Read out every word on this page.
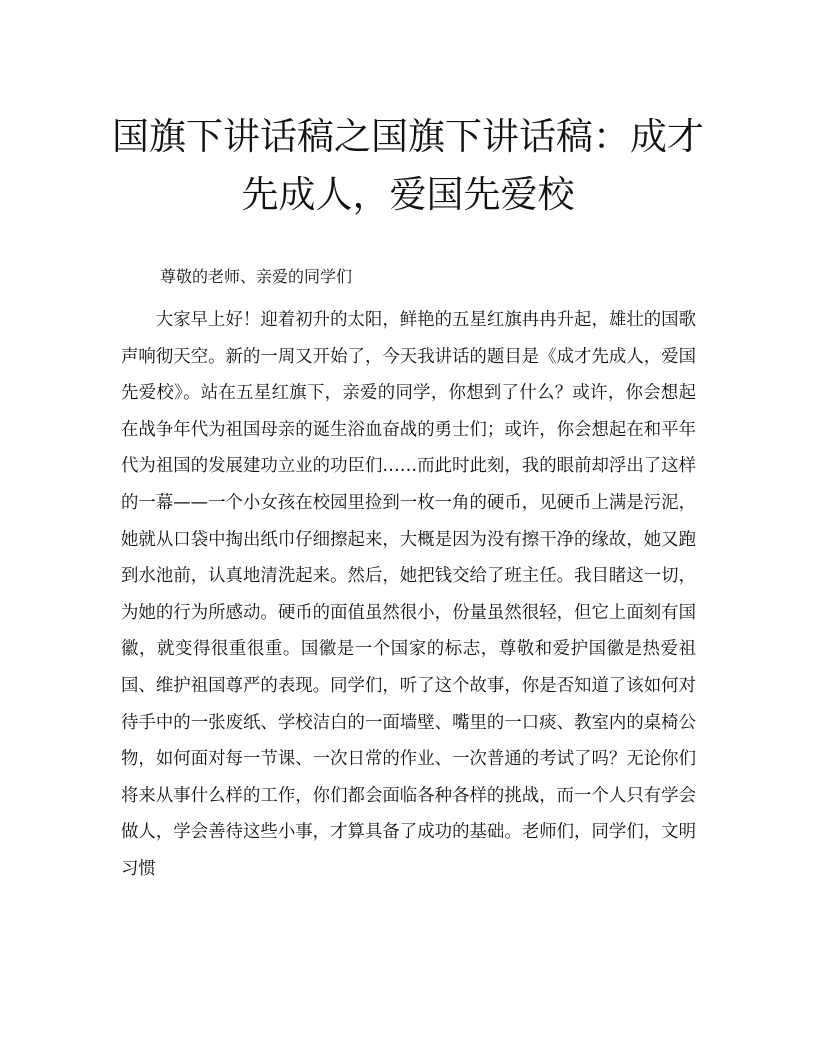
国旗下讲话稿之国旗下讲话稿：成才先成人，爱国先爱校

尊敬的老师、亲爱的同学们

大家早上好！迎着初升的太阳，鲜艳的五星红旗冉冉升起，雄壮的国歌声响彻天空。新的一周又开始了，今天我讲话的题目是《成才先成人，爱国先爱校》。站在五星红旗下，亲爱的同学，你想到了什么？或许，你会想起在战争年代为祖国母亲的诞生浴血奋战的勇士们；或许，你会想起在和平年代为祖国的发展建功立业的功臣们……而此时此刻，我的眼前却浮出了这样的一幕——一个小女孩在校园里捡到一枚一角的硬币，见硬币上满是污泥，她就从口袋中掏出纸巾仔细擦起来，大概是因为没有擦干净的缘故，她又跑到水池前，认真地清洗起来。然后，她把钱交给了班主任。我目睹这一切，为她的行为所感动。硬币的面值虽然很小，份量虽然很轻，但它上面刻有国徽，就变得很重很重。国徽是一个国家的标志，尊敬和爱护国徽是热爱祖国、维护祖国尊严的表现。同学们，听了这个故事，你是否知道了该如何对待手中的一张废纸、学校洁白的一面墙壁、嘴里的一口痰、教室内的桌椅公物，如何面对每一节课、一次日常的作业、一次普通的考试了吗？无论你们将来从事什么样的工作，你们都会面临各种各样的挑战，而一个人只有学会做人，学会善待这些小事，才算具备了成功的基础。老师们，同学们，文明习惯
